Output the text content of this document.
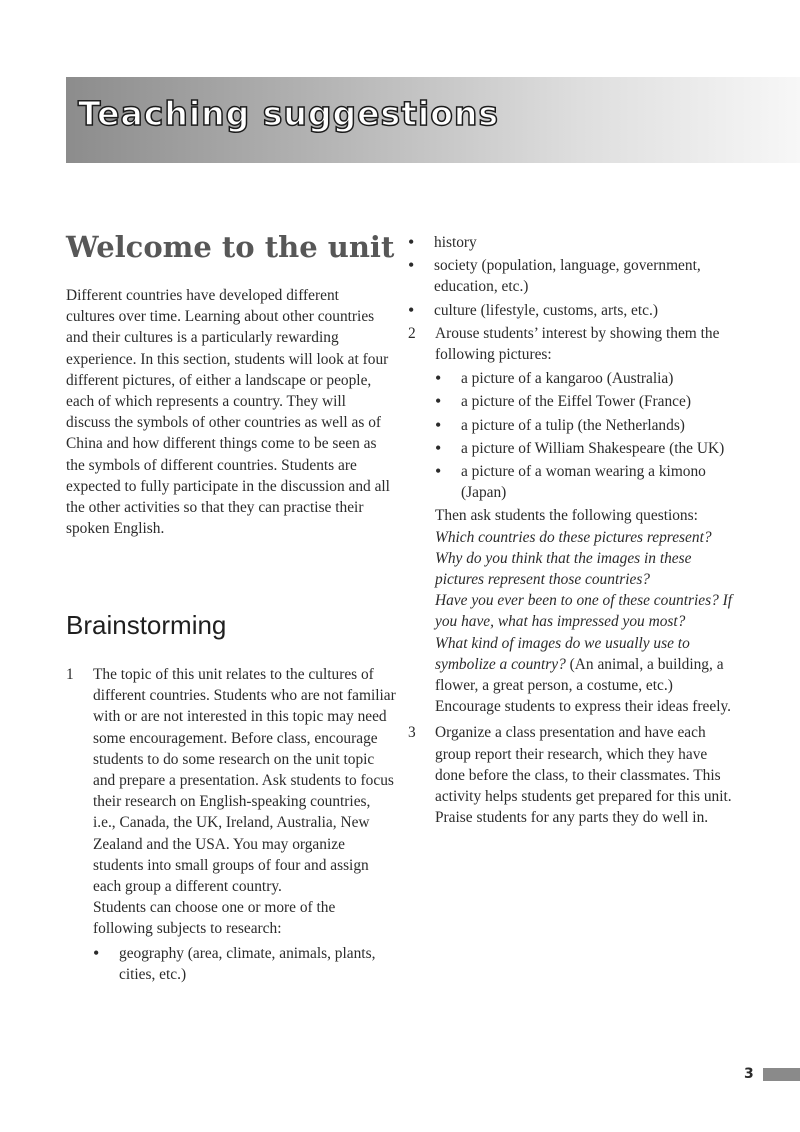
Teaching suggestions
Welcome to the unit

Different countries have developed different cultures over time. Learning about other countries and their cultures is a particularly rewarding experience. In this section, students will look at four different pictures, of either a landscape or people, each of which represents a country. They will discuss the symbols of other countries as well as of China and how different things come to be seen as the symbols of different countries. Students are expected to fully participate in the discussion and all the other activities so that they can practise their spoken English.

Brainstorming
1 The topic of this unit relates to the cultures of different countries. Students who are not familiar with or are not interested in this topic may need some encouragement. Before class, encourage students to do some research on the unit topic and prepare a presentation. Ask students to focus their research on English-speaking countries, i.e., Canada, the UK, Ireland, Australia, New Zealand and the USA. You may organize students into small groups of four and assign each group a different country.

Students can choose one or more of the following subjects to research:

• geography (area, climate, animals, plants, cities, etc.)
• history
• society (population, language, government, education, etc.)
• culture (lifestyle, customs, arts, etc.)
2 Arouse students’ interest by showing them the following pictures:

• a picture of a kangaroo (Australia)
• a picture of the Eiffel Tower (France)
• a picture of a tulip (the Netherlands)
• a picture of William Shakespeare (the UK)
• a picture of a woman wearing a kimono (Japan)

Then ask students the following questions:

Which countries do these pictures represent?

Why do you think that the images in these pictures represent those countries?

Have you ever been to one of these countries? If you have, what has impressed you most?

What kind of images do we usually use to symbolize a country? (An animal, a building, a flower, a great person, a costume, etc.)

Encourage students to express their ideas freely.

3 Organize a class presentation and have each group report their research, which they have done before the class, to their classmates. This activity helps students get prepared for this unit. Praise students for any parts they do well in.

3
